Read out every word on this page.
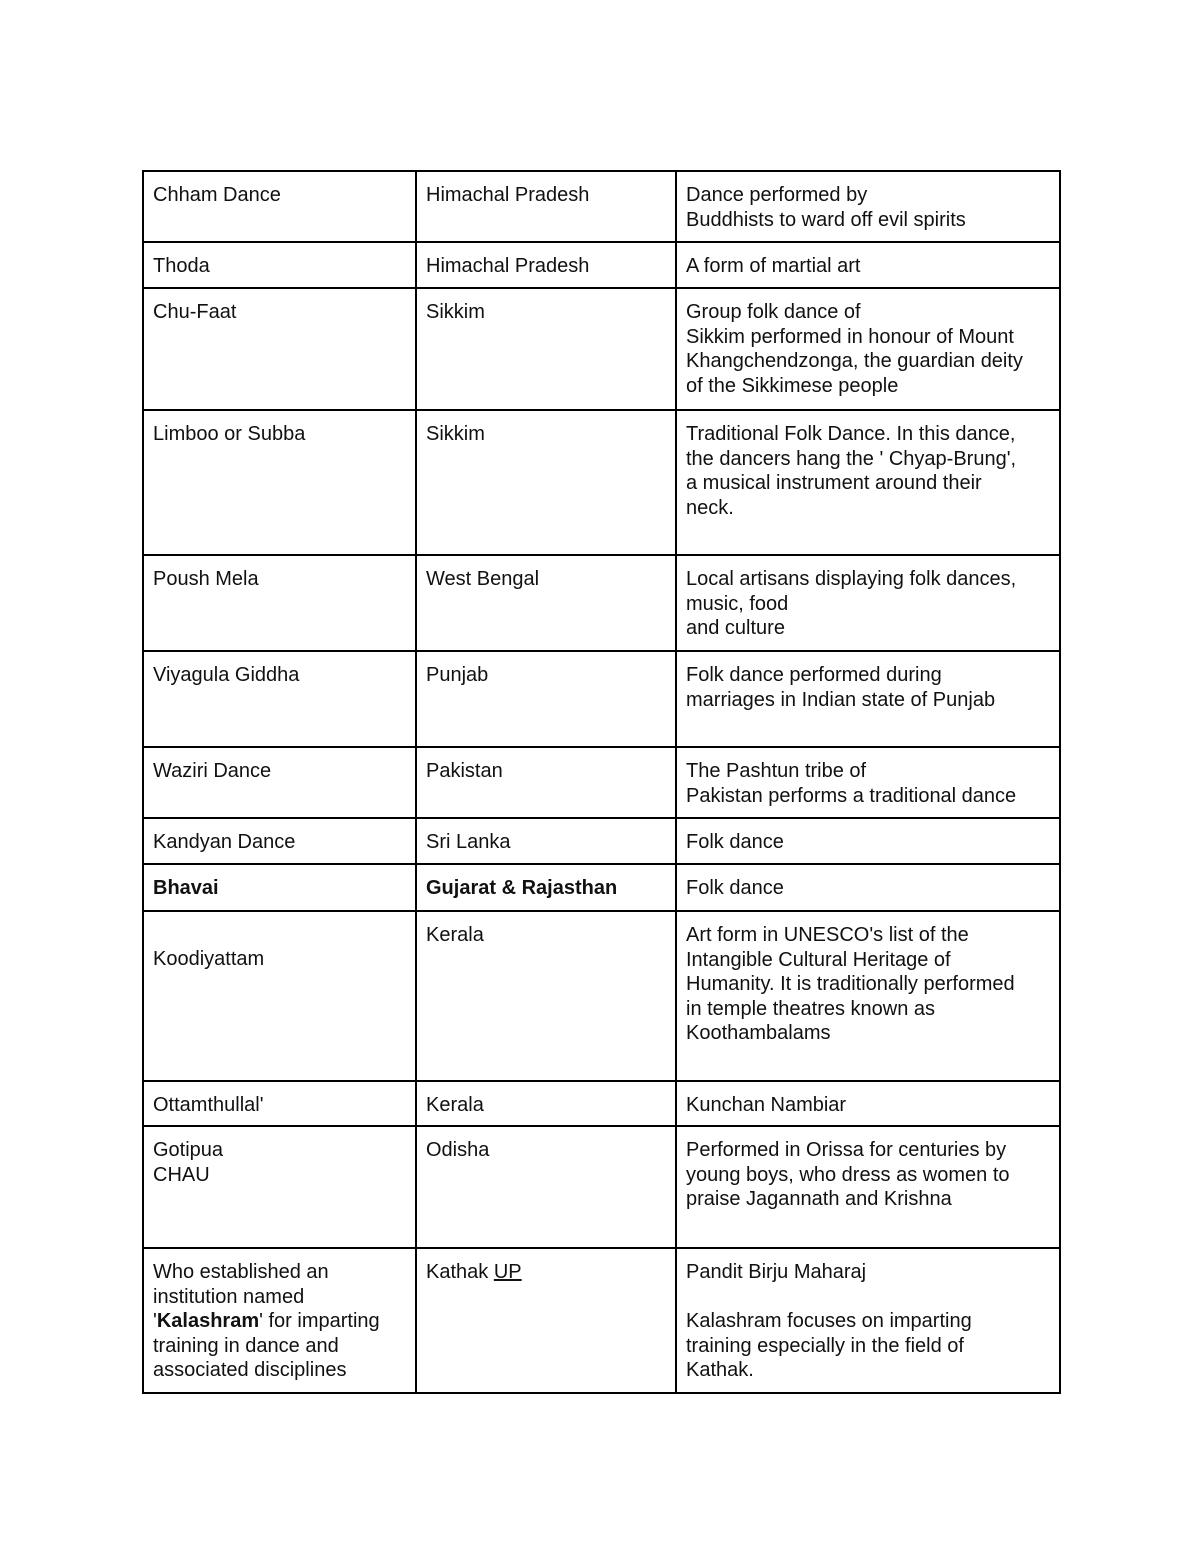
Chham Dance	Himachal Pradesh	Dance performed by
Buddhists to ward off evil spirits

Thoda	Himachal Pradesh	A form of martial art

Chu-Faat	Sikkim	Group folk dance of
Sikkim performed in honour of Mount
Khangchendzonga, the guardian deity
of the Sikkimese people

Limboo or Subba	Sikkim	Traditional Folk Dance. In this dance,
the dancers hang the ' Chyap-Brung',
a musical instrument around their
neck.

Poush Mela	West Bengal	Local artisans displaying folk dances,
music, food
and culture

Viyagula Giddha	Punjab	Folk dance performed during
marriages in Indian state of Punjab

Waziri Dance	Pakistan	The Pashtun tribe of
Pakistan performs a traditional dance

Kandyan Dance	Sri Lanka	Folk dance

Bhavai	Gujarat & Rajasthan	Folk dance

Koodiyattam	Kerala	Art form in UNESCO's list of the
Intangible Cultural Heritage of
Humanity. It is traditionally performed
in temple theatres known as
Koothambalams

Ottamthullal'	Kerala	Kunchan Nambiar

Gotipua
CHAU	Odisha	Performed in Orissa for centuries by
young boys, who dress as women to
praise Jagannath and Krishna

Who established an
institution named
'Kalashram' for imparting
training in dance and
associated disciplines	Kathak UP	Pandit Birju Maharaj
Kalashram focuses on imparting
training especially in the field of
Kathak.
